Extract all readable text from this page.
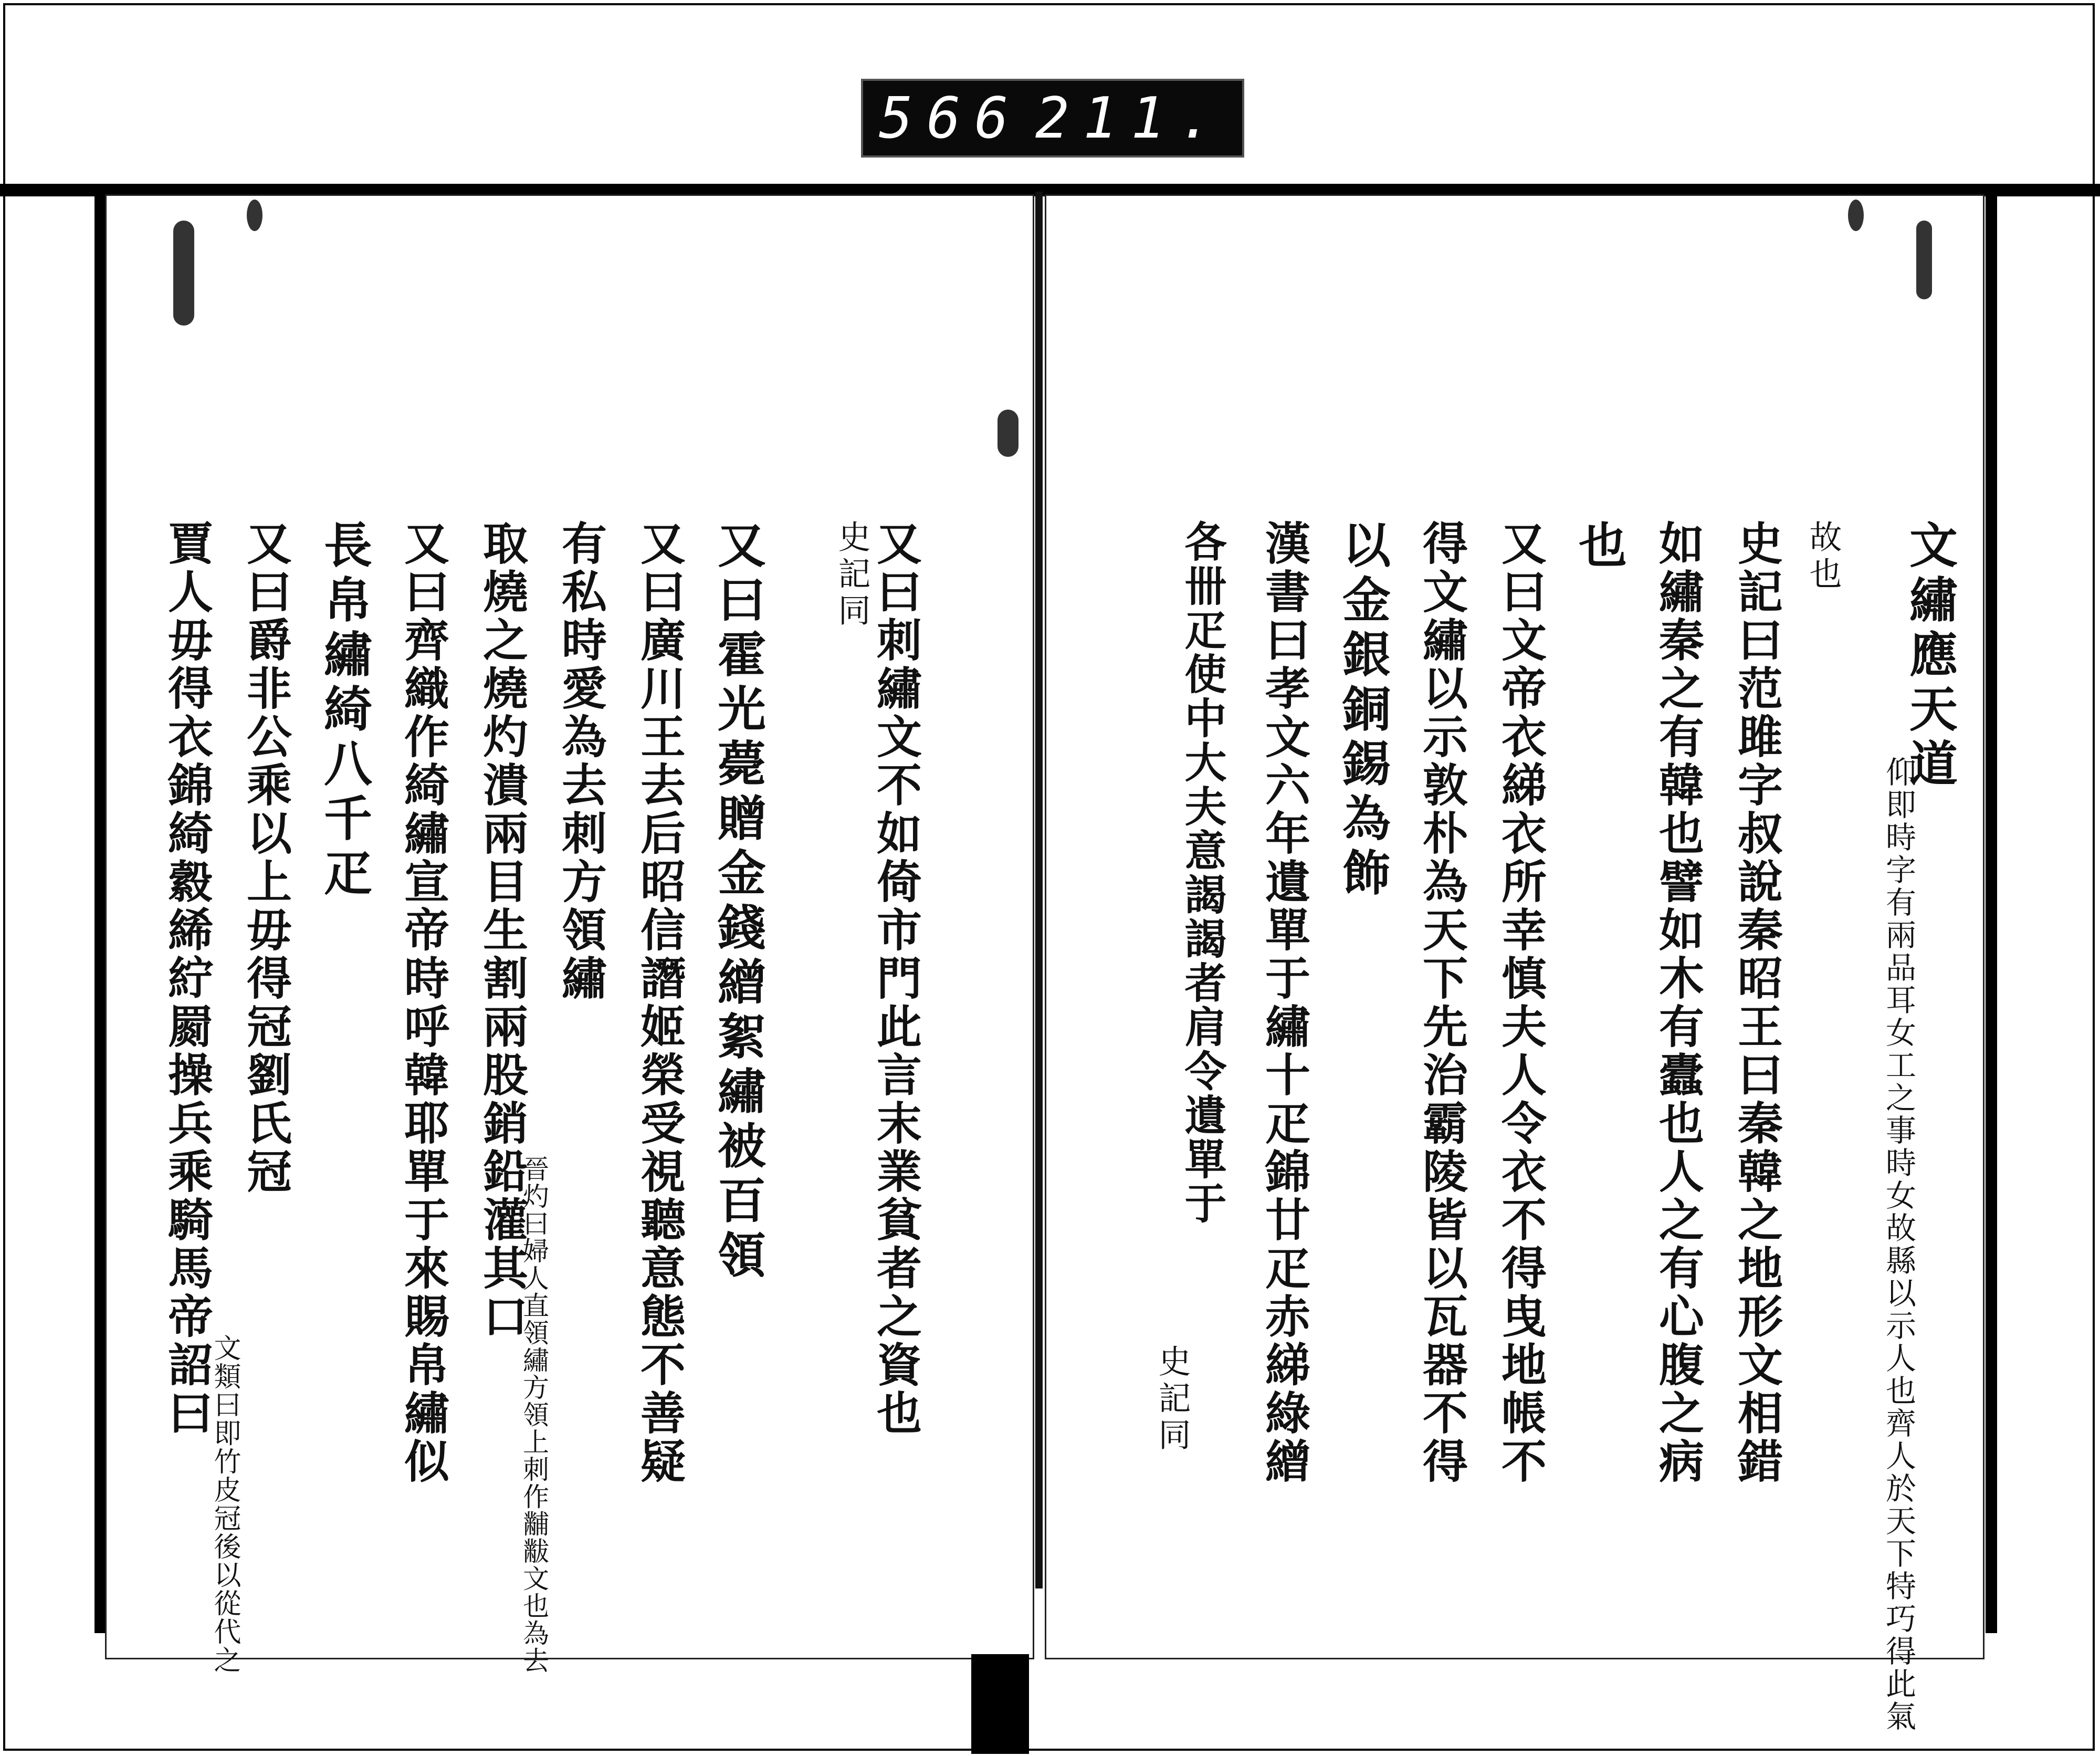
566 211.
文繡應天道
仰即時字有兩品耳女工之事時女故縣以示人也齊人於天下特巧得此氣
故也
史記曰范雎字叔說秦昭王曰秦韓之地形文相錯
如繡秦之有韓也譬如木有蠹也人之有心腹之病
也
又曰文帝衣綈衣所幸慎夫人令衣不得曳地帳不
得文繡以示敦朴為天下先治霸陵皆以瓦器不得
以金銀銅錫為飾
漢書曰孝文六年遺單于繡十疋錦廿疋赤綈綠繒
各卌疋使中大夫意謁謁者肩令遺單于
史記同
又曰刺繡文不如倚市門此言末業貧者之資也
史記同
又曰霍光薨贈金錢繒絮繡被百領
又曰廣川王去后昭信譖姬榮受視聽意態不善疑
有私時愛為去刺方領繡
晉灼曰婦人直領繡方領上刺作黼黻文也為去
取燒之燒灼潰兩目生割兩股銷鉛灌其口
又曰齊織作綺繡宣帝時呼韓耶單于來賜帛繡似
長帛繡綺八千疋
又曰爵非公乘以上毋得冠劉氏冠
文類曰即竹皮冠後以從代之
賈人毋得衣錦綺縠絺紵罽操兵乘騎馬帝詔曰
